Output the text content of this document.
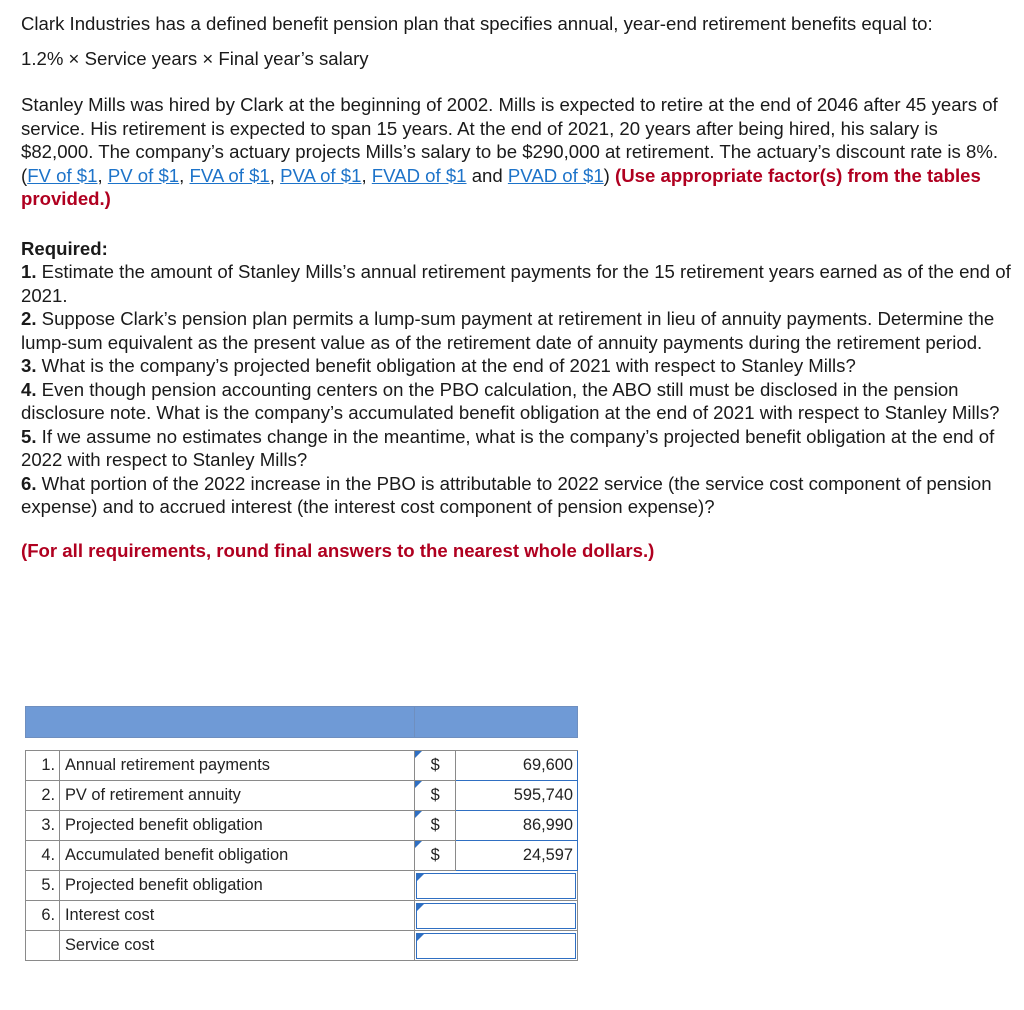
Clark Industries has a defined benefit pension plan that specifies annual, year-end retirement benefits equal to:

1.2% × Service years × Final year’s salary

Stanley Mills was hired by Clark at the beginning of 2002. Mills is expected to retire at the end of 2046 after 45 years of service. His retirement is expected to span 15 years. At the end of 2021, 20 years after being hired, his salary is $82,000. The company’s actuary projects Mills’s salary to be $290,000 at retirement. The actuary’s discount rate is 8%. (FV of $1, PV of $1, FVA of $1, PVA of $1, FVAD of $1 and PVAD of $1) (Use appropriate factor(s) from the tables provided.)

Required:

1. Estimate the amount of Stanley Mills’s annual retirement payments for the 15 retirement years earned as of the end of 2021.

2. Suppose Clark’s pension plan permits a lump-sum payment at retirement in lieu of annuity payments. Determine the lump-sum equivalent as the present value as of the retirement date of annuity payments during the retirement period.

3. What is the company’s projected benefit obligation at the end of 2021 with respect to Stanley Mills?

4. Even though pension accounting centers on the PBO calculation, the ABO still must be disclosed in the pension disclosure note. What is the company’s accumulated benefit obligation at the end of 2021 with respect to Stanley Mills?

5. If we assume no estimates change in the meantime, what is the company’s projected benefit obligation at the end of 2022 with respect to Stanley Mills?

6. What portion of the 2022 increase in the PBO is attributable to 2022 service (the service cost component of pension expense) and to accrued interest (the interest cost component of pension expense)?

(For all requirements, round final answers to the nearest whole dollars.)

1.	Annual retirement payments	$	69,600
2.	PV of retirement annuity	$	595,740
3.	Projected benefit obligation	$	86,990
4.	Accumulated benefit obligation	$	24,597
5.	Projected benefit obligation		

6.	Interest cost		

	Service cost		
